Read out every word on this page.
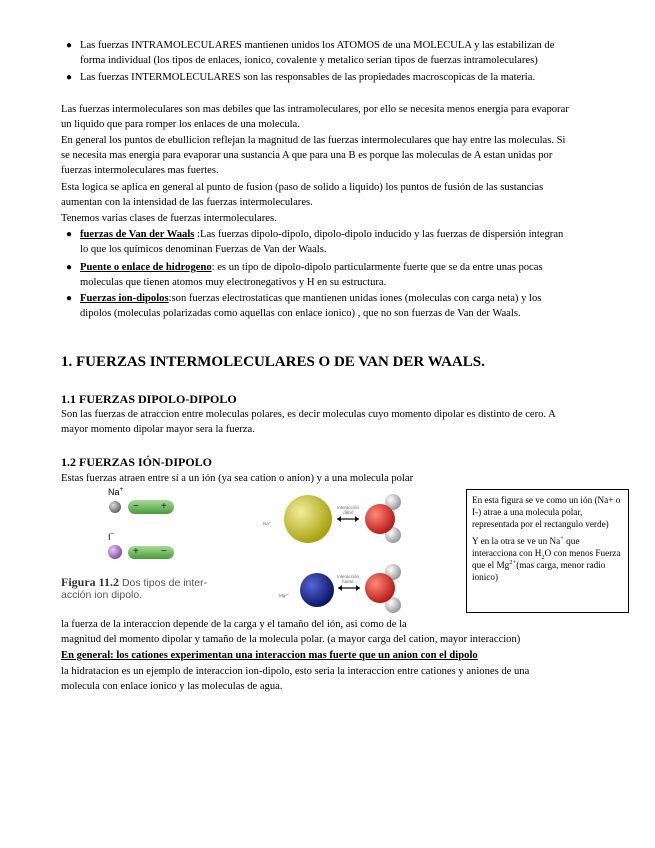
● Las fuerzas INTRAMOLECULARES mantienen unidos los ATOMOS de una MOLECULA y las estabilizan de
forma individual (los tipos de enlaces, ionico, covalente y metalico serían tipos de fuerzas intramoleculares)
● Las fuerzas INTERMOLECULARES son las responsables de las propiedades macroscopicas de la materia.
Las fuerzas intermoleculares son mas debiles que las intramoleculares, por ello se necesita menos energia para evaporar
un liquido que para romper los enlaces de una molecula.
En general los puntos de ebullicion reflejan la magnitud de las fuerzas intermoleculares que hay entre las moleculas. Si
se necesita mas energia para evaporar una sustancia A que para una B es porque las moleculas de A estan unidas por
fuerzas intermoleculares mas fuertes.
Esta logica se aplica en general al punto de fusion (paso de solido a liquido) los puntos de fusión de las sustancias
aumentan con la intensidad de las fuerzas intermoleculares.
Tenemos varias clases de fuerzas intermoleculares.
● fuerzas de Van der Waals :Las fuerzas dipolo-dipolo, dipolo-dipolo inducido y las fuerzas de dispersión integran
lo que los químicos denominan Fuerzas de Van der Waals.
● Puente o enlace de hidrogeno: es un tipo de dipolo-dipolo particularmente fuerte que se da entre unas pocas
moleculas que tienen atomos muy electronegativos y H en su estructura.
● Fuerzas ion-dipolos:son fuerzas electrostaticas que mantienen unidas iones (moleculas con carga neta) y los
dipolos (moleculas polarizadas como aquellas con enlace ionico) , que no son fuerzas de Van der Waals.
1. FUERZAS INTERMOLECULARES O DE VAN DER WAALS.
1.1 FUERZAS DIPOLO-DIPOLO
Son las fuerzas de atraccion entre moleculas polares, es decir moleculas cuyo momento dipolar es distinto de cero. A
mayor momento dipolar mayor sera la fuerza.
1.2 FUERZAS IÓN-DIPOLO
Estas fuerzas atraen entre sí a un ión (ya sea cation o anion) y a una molecula polar
Na+
I−
− +
+ −
Figura 11.2 Dos tipos de inter-
acción ion dipolo.
Na⁺
Mg²⁺
Interacción
débil
Interacción
fuerte

En esta figura se ve como un ión (Na+ o I-) atrae a una molecula polar, representada por el rectangulo verde)

Y en la otra se ve un Na+ que interacciona con $H_2O$ con menos Fuerza que el $Mg^{2+}(mas$ carga, menor radio ionico)

la fuerza de la interaccion depende de la carga y el tamaño del ión, asi como de la
magnitud del momento dipolar y tamaño de la molecula polar. (a mayor carga del cation, mayor interaccion)
En general: los cationes experimentan una interaccion mas fuerte que un anion con el dipolo
la hidratacion es un ejemplo de interaccion ion-dipolo, esto seria la interaccion entre cationes y aniones de una
molecula con enlace ionico y las moleculas de agua.
